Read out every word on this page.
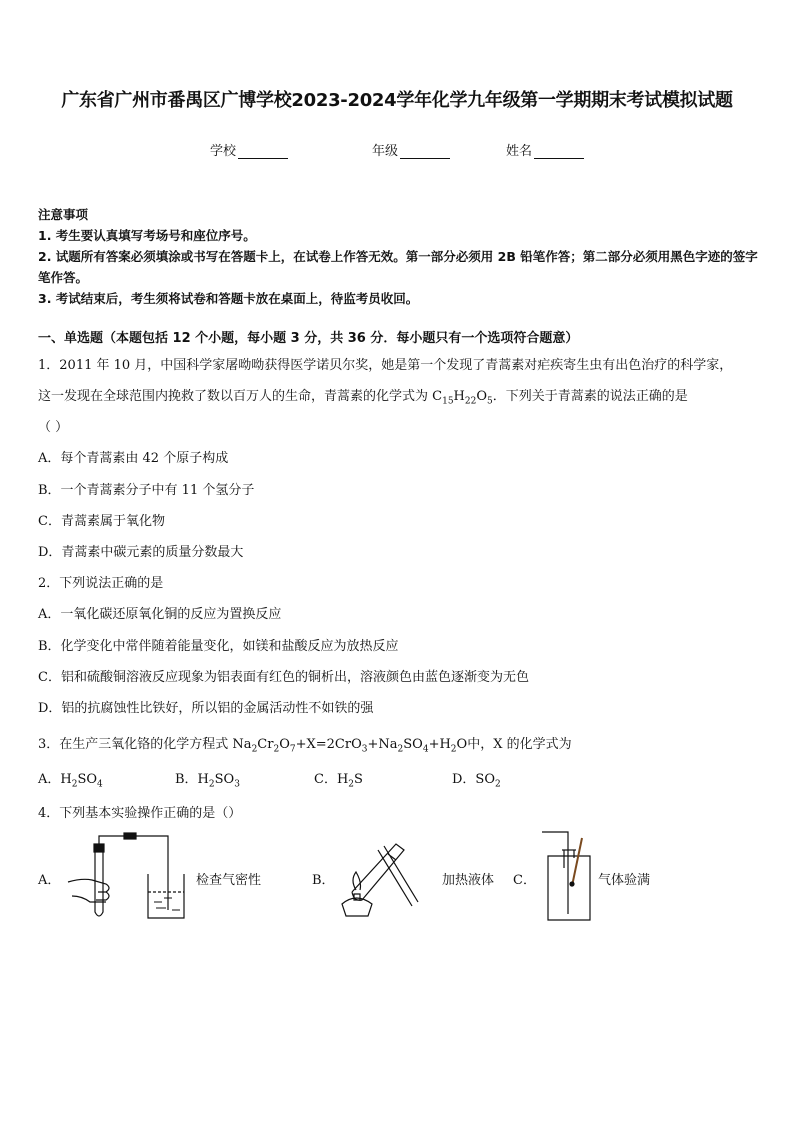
广东省广州市番禺区广博学校2023-2024学年化学九年级第一学期期末考试模拟试题
学校	年级	姓名
注意事项
1. 考生要认真填写考场号和座位序号。
2. 试题所有答案必须填涂或书写在答题卡上，在试卷上作答无效。第一部分必须用 2B 铅笔作答；第二部分必须用黑色字迹的签字笔作答。
3. 考试结束后，考生须将试卷和答题卡放在桌面上，待监考员收回。
一、单选题（本题包括 12 个小题，每小题 3 分，共 36 分．每小题只有一个选项符合题意）
1．2011 年 10 月，中国科学家屠呦呦获得医学诺贝尔奖，她是第一个发现了青蒿素对疟疾寄生虫有出色治疗的科学家，
这一发现在全球范围内挽救了数以百万人的生命，青蒿素的化学式为 $C_{15}H_{22}O_5$．下列关于青蒿素的说法正确的是
（ ）
A．每个青蒿素由 42 个原子构成
B．一个青蒿素分子中有 11 个氢分子
C．青蒿素属于氧化物
D．青蒿素中碳元素的质量分数最大
2．下列说法正确的是
A．一氧化碳还原氧化铜的反应为置换反应
B．化学变化中常伴随着能量变化，如镁和盐酸反应为放热反应
C．铝和硫酸铜溶液反应现象为铝表面有红色的铜析出，溶液颜色由蓝色逐渐变为无色
D．铝的抗腐蚀性比铁好，所以铝的金属活动性不如铁的强
3．在生产三氧化铬的化学方程式 $Na_2Cr_2O_7+X=2CrO_3+Na_2SO_4+H_2O$中，X 的化学式为
A．$H_2SO_4$	B．$H_2SO_3$	C．$H_2S$	D．$SO_2$
4．下列基本实验操作正确的是（）
A．	检查气密性	B．	加热液体 C．	气体验满
